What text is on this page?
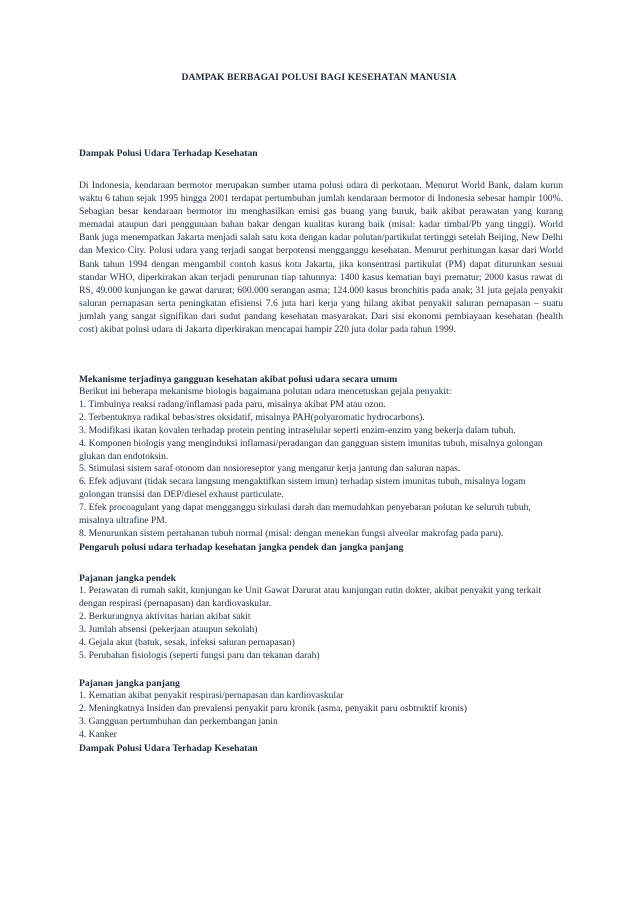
DAMPAK BERBAGAI POLUSI BAGI KESEHATAN MANUSIA
Dampak Polusi Udara Terhadap Kesehatan
Di Indonesia, kendaraan bermotor merupakan sumber utama polusi udara di perkotaan. Menurut World Bank, dalam kurun waktu 6 tahun sejak 1995 hingga 2001 terdapat pertumbuhan jumlah kendaraan bermotor di Indonesia sebesar hampir 100%. Sebagian besar kendaraan bermotor itu menghasilkan emisi gas buang yang buruk, baik akibat perawatan yang kurang memadai ataupun dari penggunaan bahan bakar dengan kualitas kurang baik (misal: kadar timbal/Pb yang tinggi). World Bank juga menempatkan Jakarta menjadi salah satu kota dengan kadar polutan/partikulat tertinggi setelah Beijing, New Delhi dan Mexico City. Polusi udara yang terjadi sangat berpotensi mengganggu kesehatan. Menurut perhitungan kasar dari World Bank tahun 1994 dengan mengambil contoh kasus kota Jakarta, jika konsentrasi partikulat (PM) dapat diturunkan sesuai standar WHO, diperkirakan akan terjadi penurunan tiap tahunnya: 1400 kasus kematian bayi prematur; 2000 kasus rawat di RS, 49.000 kunjungan ke gawat darurat; 600.000 serangan asma; 124.000 kasus bronchitis pada anak; 31 juta gejala penyakit saluran pernapasan serta peningkatan efisiensi 7.6 juta hari kerja yang hilang akibat penyakit saluran pernapasan – suatu jumlah yang sangat signifikan dari sudut pandang kesehatan masyarakat. Dari sisi ekonomi pembiayaan kesehatan (health cost) akibat polusi udara di Jakarta diperkirakan mencapai hampir 220 juta dolar pada tahun 1999.
Mekanisme terjadinya gangguan kesehatan akibat polusi udara secara umum
Berikut ini beberapa mekanisme biologis bagaimana polutan udara mencetuskan gejala penyakit:
1. Timbulnya reaksi radang/inflamasi pada paru, misalnya akibat PM atau ozon.
2. Terbentuknya radikal bebas/stres oksidatif, misalnya PAH(polyaromatic hydrocarbons).
3. Modifikasi ikatan kovalen terhadap protein penting intraselular seperti enzim-enzim yang bekerja dalam tubuh.
4. Komponen biologis yang menginduksi inflamasi/peradangan dan gangguan sistem imunitas tubuh, misalnya golongan glukan dan endotoksin.
5. Stimulasi sistem saraf otonom dan nosioreseptor yang mengatur kerja jantung dan saluran napas.
6. Efek adjuvant (tidak secara langsung mengaktifkan sistem imun) terhadap sistem imunitas tubuh, misalnya logam golongan transisi dan DEP/diesel exhaust particulate.
7. Efek procoagulant yang dapat mengganggu sirkulasi darah dan memudahkan penyebaran polutan ke seluruh tubuh, misalnya ultrafine PM.
8. Menurunkan sistem pertahanan tubuh normal (misal: dengan menekan fungsi alveolar makrofag pada paru).
Pengaruh polusi udara terhadap kesehatan jangka pendek dan jangka panjang
Pajanan jangka pendek
1. Perawatan di rumah sakit, kunjungan ke Unit Gawat Darurat atau kunjungan rutin dokter, akibat penyakit yang terkait dengan respirasi (pernapasan) dan kardiovaskular.
2. Berkurangnya aktivitas harian akibat sakit
3. Jumlah absensi (pekerjaan ataupun sekolah)
4. Gejala akut (batuk, sesak, infeksi saluran pernapasan)
5. Perubahan fisiologis (seperti fungsi paru dan tekanan darah)
Pajanan jangka panjang
1. Kematian akibat penyakit respirasi/pernapasan dan kardiovaskular
2. Meningkatnya Insiden dan prevalensi penyakit paru kronik (asma, penyakit paru osbtruktif kronis)
3. Gangguan pertumbuhan dan perkembangan janin
4. Kanker
Dampak Polusi Udara Terhadap Kesehatan
